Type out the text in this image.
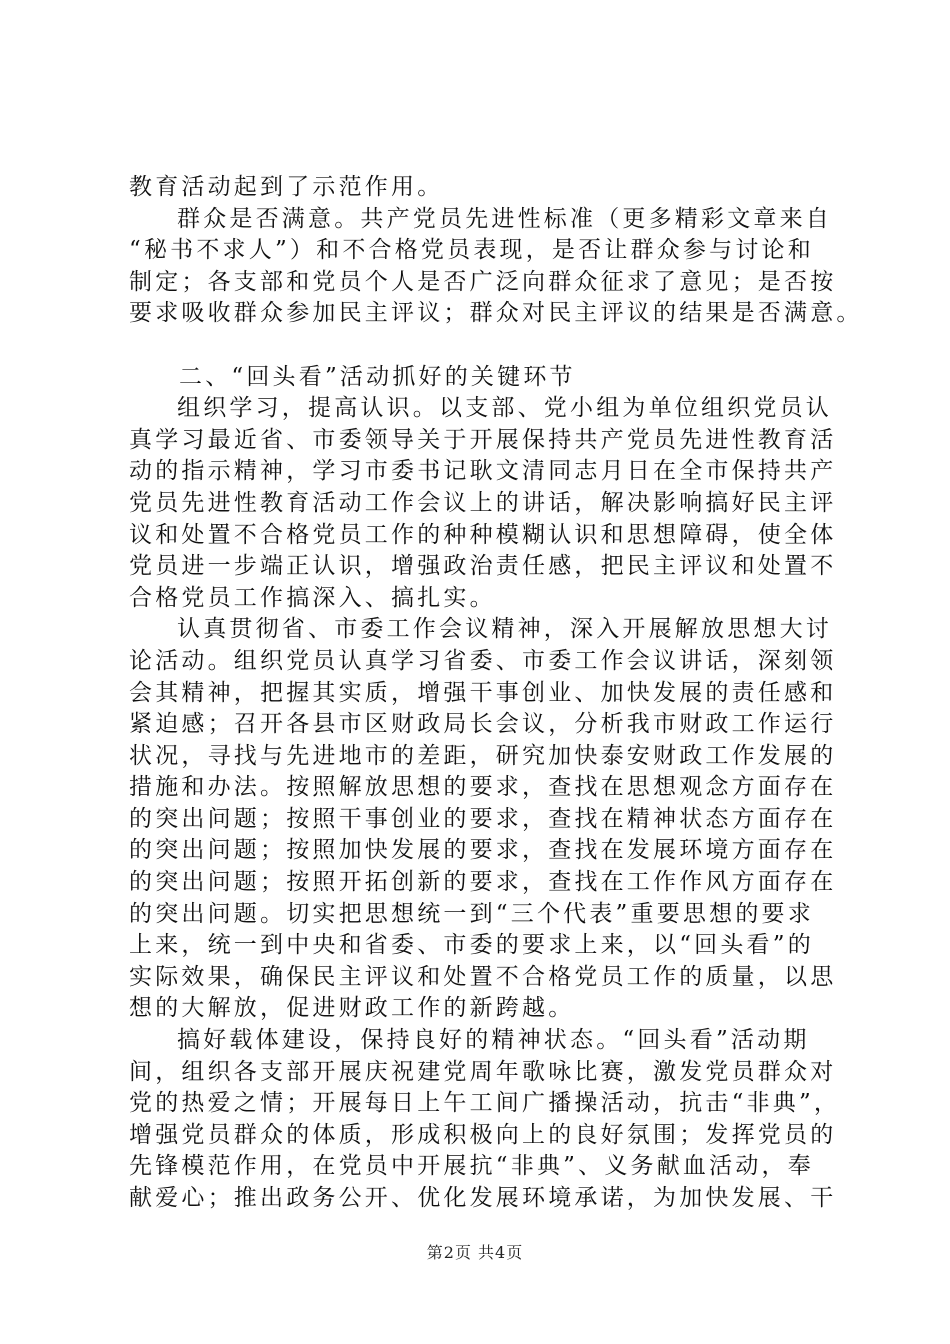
教育活动起到了示范作用。
群众是否满意。共产党员先进性标准（更多精彩文章来自
“秘书不求人”）和不合格党员表现，是否让群众参与讨论和
制定；各支部和党员个人是否广泛向群众征求了意见；是否按
要求吸收群众参加民主评议；群众对民主评议的结果是否满意。
二、“回头看”活动抓好的关键环节
组织学习，提高认识。以支部、党小组为单位组织党员认
真学习最近省、市委领导关于开展保持共产党员先进性教育活
动的指示精神，学习市委书记耿文清同志月日在全市保持共产
党员先进性教育活动工作会议上的讲话，解决影响搞好民主评
议和处置不合格党员工作的种种模糊认识和思想障碍，使全体
党员进一步端正认识，增强政治责任感，把民主评议和处置不
合格党员工作搞深入、搞扎实。
认真贯彻省、市委工作会议精神，深入开展解放思想大讨
论活动。组织党员认真学习省委、市委工作会议讲话，深刻领
会其精神，把握其实质，增强干事创业、加快发展的责任感和
紧迫感；召开各县市区财政局长会议，分析我市财政工作运行
状况，寻找与先进地市的差距，研究加快泰安财政工作发展的
措施和办法。按照解放思想的要求，查找在思想观念方面存在
的突出问题；按照干事创业的要求，查找在精神状态方面存在
的突出问题；按照加快发展的要求，查找在发展环境方面存在
的突出问题；按照开拓创新的要求，查找在工作作风方面存在
的突出问题。切实把思想统一到“三个代表”重要思想的要求
上来，统一到中央和省委、市委的要求上来，以“回头看”的
实际效果，确保民主评议和处置不合格党员工作的质量，以思
想的大解放，促进财政工作的新跨越。
搞好载体建设，保持良好的精神状态。“回头看”活动期
间，组织各支部开展庆祝建党周年歌咏比赛，激发党员群众对
党的热爱之情；开展每日上午工间广播操活动，抗击“非典”，
增强党员群众的体质，形成积极向上的良好氛围；发挥党员的
先锋模范作用，在党员中开展抗“非典”、义务献血活动，奉
献爱心；推出政务公开、优化发展环境承诺，为加快发展、干
第2页 共4页
